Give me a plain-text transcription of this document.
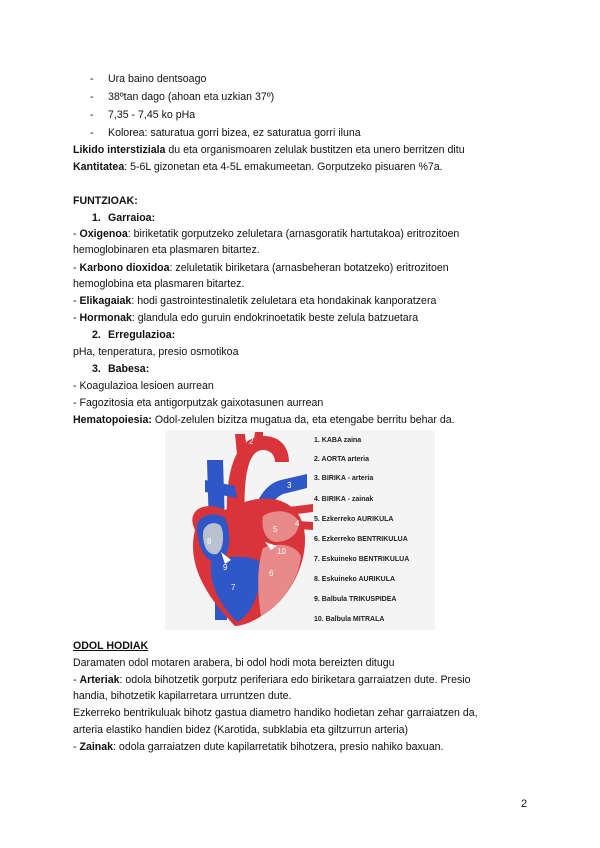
- Ura baino dentsoago
- 38ºtan dago (ahoan eta uzkian 37º)
- 7,35 - 7,45 ko pHa
- Kolorea: saturatua gorri bizea, ez saturatua gorri iluna
Likido interstiziala du eta organismoaren zelulak bustitzen eta unero berritzen ditu
Kantitatea: 5-6L gizonetan eta 4-5L emakumeetan. Gorputzeko pisuaren %7a.
FUNTZIOAK:
1. Garraioa:
- Oxigenoa: biriketatik gorputzeko zeluletara (arnasgoratik hartutakoa) eritrozitoen
hemoglobinaren eta plasmaren bitartez.
- Karbono dioxidoa: zeluletatik biriketara (arnasbeheran botatzeko) eritrozitoen
hemoglobina eta plasmaren bitartez.
- Elikagaiak: hodi gastrointestinaletik zeluletara eta hondakinak kanporatzera
- Hormonak: glandula edo guruin endokrinoetatik beste zelula batzuetara
2. Erregulazioa:
pHa, tenperatura, presio osmotikoa
3. Babesa:
- Koagulazioa lesioen aurrean
- Fagozitosia eta antigorputzak gaixotasunen aurrean
Hematopoiesia: Odol-zelulen bizitza mugatua da, eta etengabe berritu behar da.
1
2
3
4
5
6
7
8
9
10
1. KABA zaina
2. AORTA arteria
3. BIRIKA - arteria
4. BIRIKA - zainak
5. Ezkerreko AURIKULA
6. Ezkerreko BENTRIKULUA
7. Eskuineko BENTRIKULUA
8. Eskuineko AURIKULA
9. Balbula TRIKUSPIDEA
10. Balbula MITRALA
ODOL HODIAK
Daramaten odol motaren arabera, bi odol hodi mota bereizten ditugu
- Arteriak: odola bihotzetik gorputz periferiara edo biriketara garraiatzen dute. Presio
handia, bihotzetik kapilarretara urruntzen dute.
Ezkerreko bentrikuluak bihotz gastua diametro handiko hodietan zehar garraiatzen da,
arteria elastiko handien bidez (Karotida, subklabia eta giltzurrun arteria)
- Zainak: odola garraiatzen dute kapilarretatik bihotzera, presio nahiko baxuan.
2
